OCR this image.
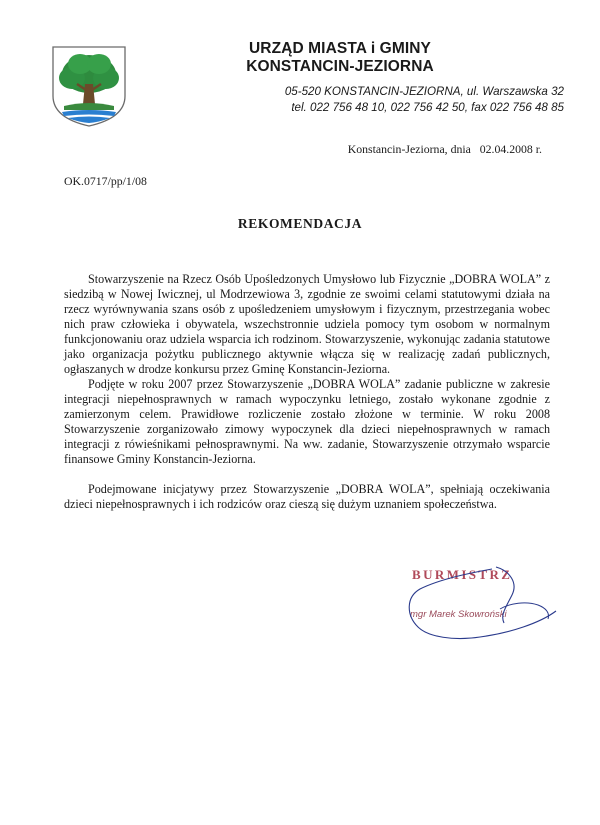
URZĄD MIASTA i GMINY
KONSTANCIN-JEZIORNA
05-520 KONSTANCIN-JEZIORNA, ul. Warszawska 32
tel. 022 756 48 10, 022 756 42 50, fax 022 756 48 85
Konstancin-Jeziorna, dnia   02.04.2008 r.
OK.0717/pp/1/08
REKOMENDACJA

Stowarzyszenie na Rzecz Osób Upośledzonych Umysłowo lub Fizycznie „DOBRA WOLA” z siedzibą w Nowej Iwicznej, ul Modrzewiowa 3, zgodnie ze swoimi celami statutowymi działa na rzecz wyrównywania szans osób z upośledzeniem umysłowym i fizycznym, przestrzegania wobec nich praw człowieka i obywatela, wszechstronnie udziela pomocy tym osobom w normalnym funkcjonowaniu oraz udziela wsparcia ich rodzinom. Stowarzyszenie, wykonując zadania statutowe jako organizacja pożytku publicznego aktywnie włącza się w realizację zadań publicznych, ogłaszanych w drodze konkursu przez Gminę Konstancin-Jeziorna.

Podjęte w roku 2007 przez Stowarzyszenie „DOBRA WOLA” zadanie publiczne w zakresie integracji niepełnosprawnych w ramach wypoczynku letniego, zostało wykonane zgodnie z zamierzonym celem. Prawidłowe rozliczenie zostało złożone w terminie. W roku 2008 Stowarzyszenie zorganizowało zimowy wypoczynek dla dzieci niepełnosprawnych w ramach integracji z rówieśnikami pełnosprawnymi. Na ww. zadanie, Stowarzyszenie otrzymało wsparcie finansowe Gminy Konstancin-Jeziorna.

Podejmowane inicjatywy przez Stowarzyszenie „DOBRA WOLA”, spełniają oczekiwania dzieci niepełnosprawnych i ich rodziców oraz cieszą się dużym uznaniem społeczeństwa.

BURMISTRZ
mgr Marek Skowroński
